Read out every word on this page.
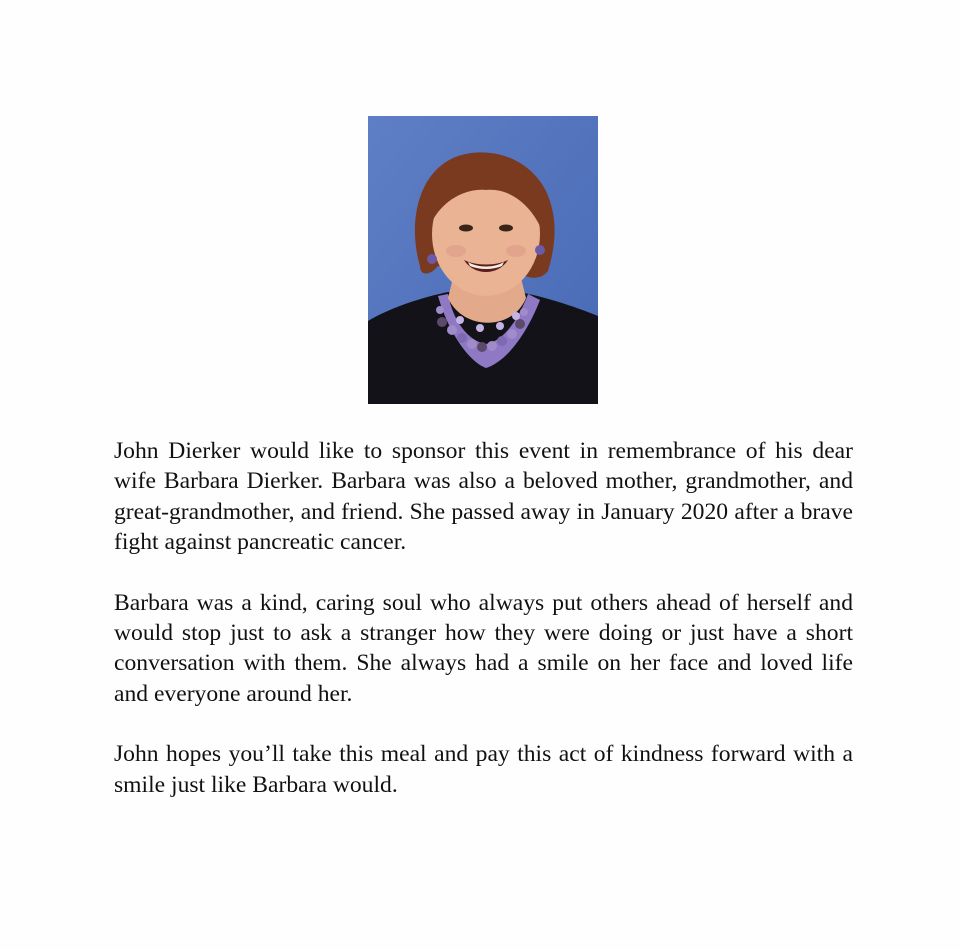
John Dierker would like to sponsor this event in remembrance of his dear wife Barbara Dierker. Barbara was also a beloved mother, grandmother, and great-grandmother, and friend. She passed away in January 2020 after a brave fight against pancreatic cancer.

Barbara was a kind, caring soul who always put others ahead of herself and would stop just to ask a stranger how they were doing or just have a short conversation with them. She always had a smile on her face and loved life and everyone around her.

John hopes you’ll take this meal and pay this act of kindness forward with a smile just like Barbara would.
